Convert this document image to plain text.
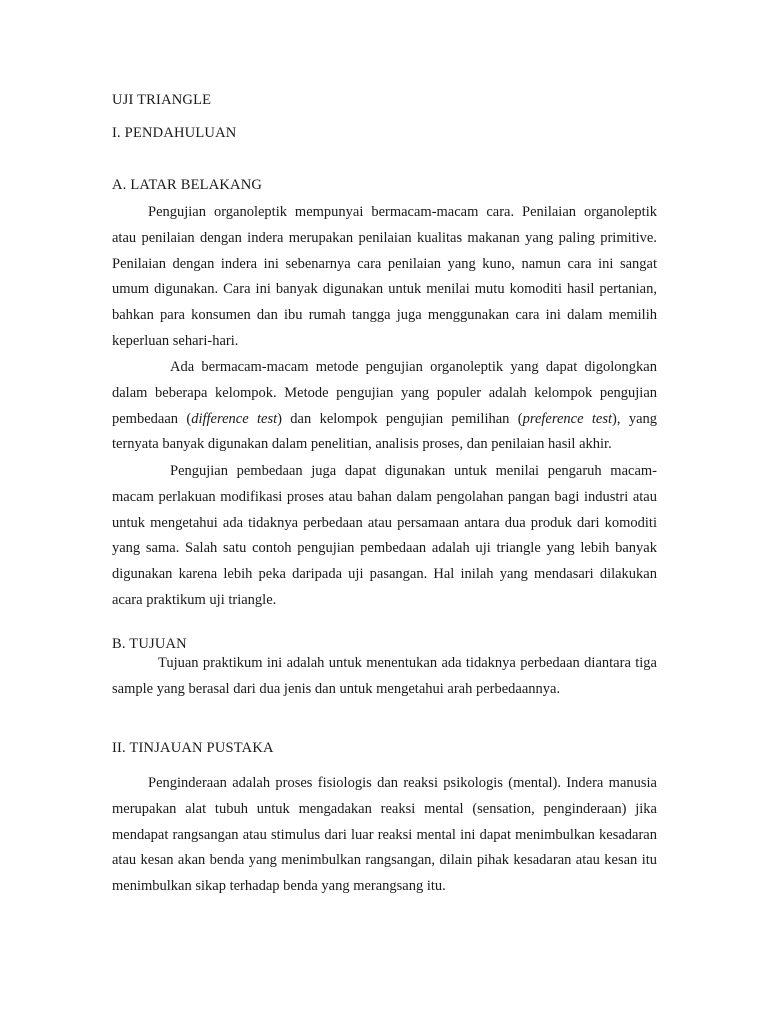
UJI TRIANGLE
I. PENDAHULUAN
A. LATAR BELAKANG

Pengujian organoleptik mempunyai bermacam-macam cara. Penilaian organoleptik atau penilaian dengan indera merupakan penilaian kualitas makanan yang paling primitive. Penilaian dengan indera ini sebenarnya cara penilaian yang kuno, namun cara ini sangat umum digunakan. Cara ini banyak digunakan untuk menilai mutu komoditi hasil pertanian, bahkan para konsumen dan ibu rumah tangga juga menggunakan cara ini dalam memilih keperluan sehari-hari.

Ada bermacam-macam metode pengujian organoleptik yang dapat digolongkan dalam beberapa kelompok. Metode pengujian yang populer adalah kelompok pengujian pembedaan (difference test) dan kelompok pengujian pemilihan (preference test), yang ternyata banyak digunakan dalam penelitian, analisis proses, dan penilaian hasil akhir.

Pengujian pembedaan juga dapat digunakan untuk menilai pengaruh macam-macam perlakuan modifikasi proses atau bahan dalam pengolahan pangan bagi industri atau untuk mengetahui ada tidaknya perbedaan atau persamaan antara dua produk dari komoditi yang sama. Salah satu contoh pengujian pembedaan adalah uji triangle yang lebih banyak digunakan karena lebih peka daripada uji pasangan. Hal inilah yang mendasari dilakukan acara praktikum uji triangle.

B. TUJUAN

Tujuan praktikum ini adalah untuk menentukan ada tidaknya perbedaan diantara tiga sample yang berasal dari dua jenis dan untuk mengetahui arah perbedaannya.

II. TINJAUAN PUSTAKA

Penginderaan adalah proses fisiologis dan reaksi psikologis (mental). Indera manusia merupakan alat tubuh untuk mengadakan reaksi mental (sensation, penginderaan) jika mendapat rangsangan atau stimulus dari luar reaksi mental ini dapat menimbulkan kesadaran atau kesan akan benda yang menimbulkan rangsangan, dilain pihak kesadaran atau kesan itu menimbulkan sikap terhadap benda yang merangsang itu.
